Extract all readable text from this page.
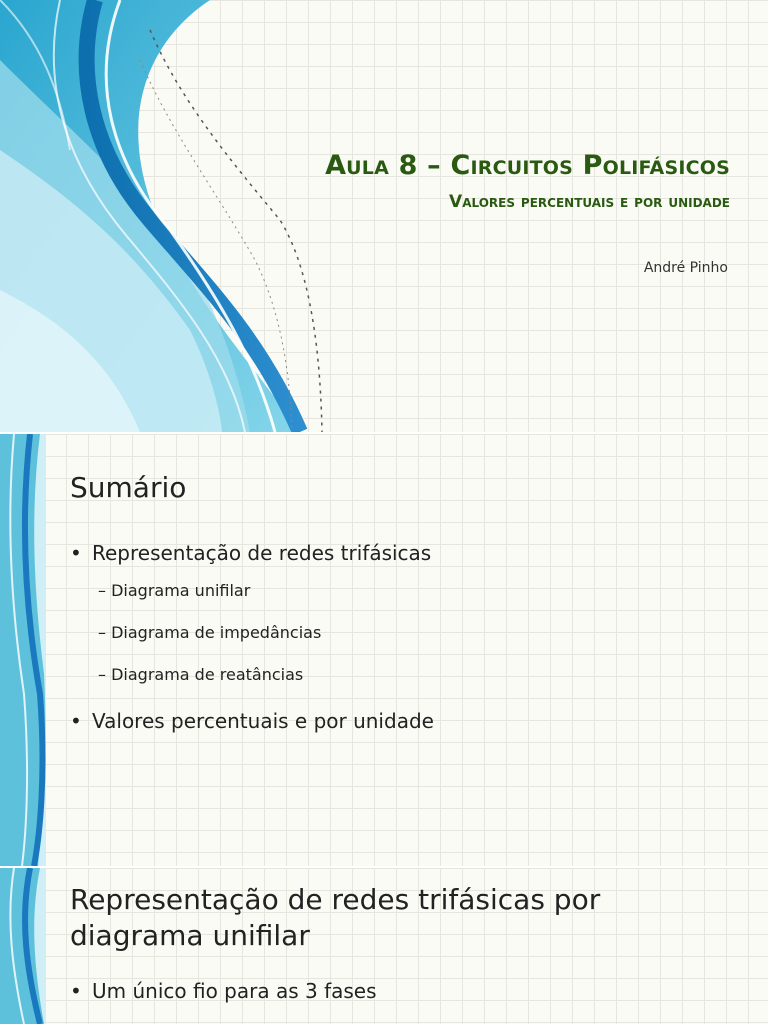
Aula 8 – Circuitos Polifásicos
Valores percentuais e por unidade
André Pinho
Sumário
• Representação de redes trifásicas
– Diagrama unifilar
– Diagrama de impedâncias
– Diagrama de reatâncias
• Valores percentuais e por unidade
Representação de redes trifásicas por diagrama unifilar
• Um único fio para as 3 fases
